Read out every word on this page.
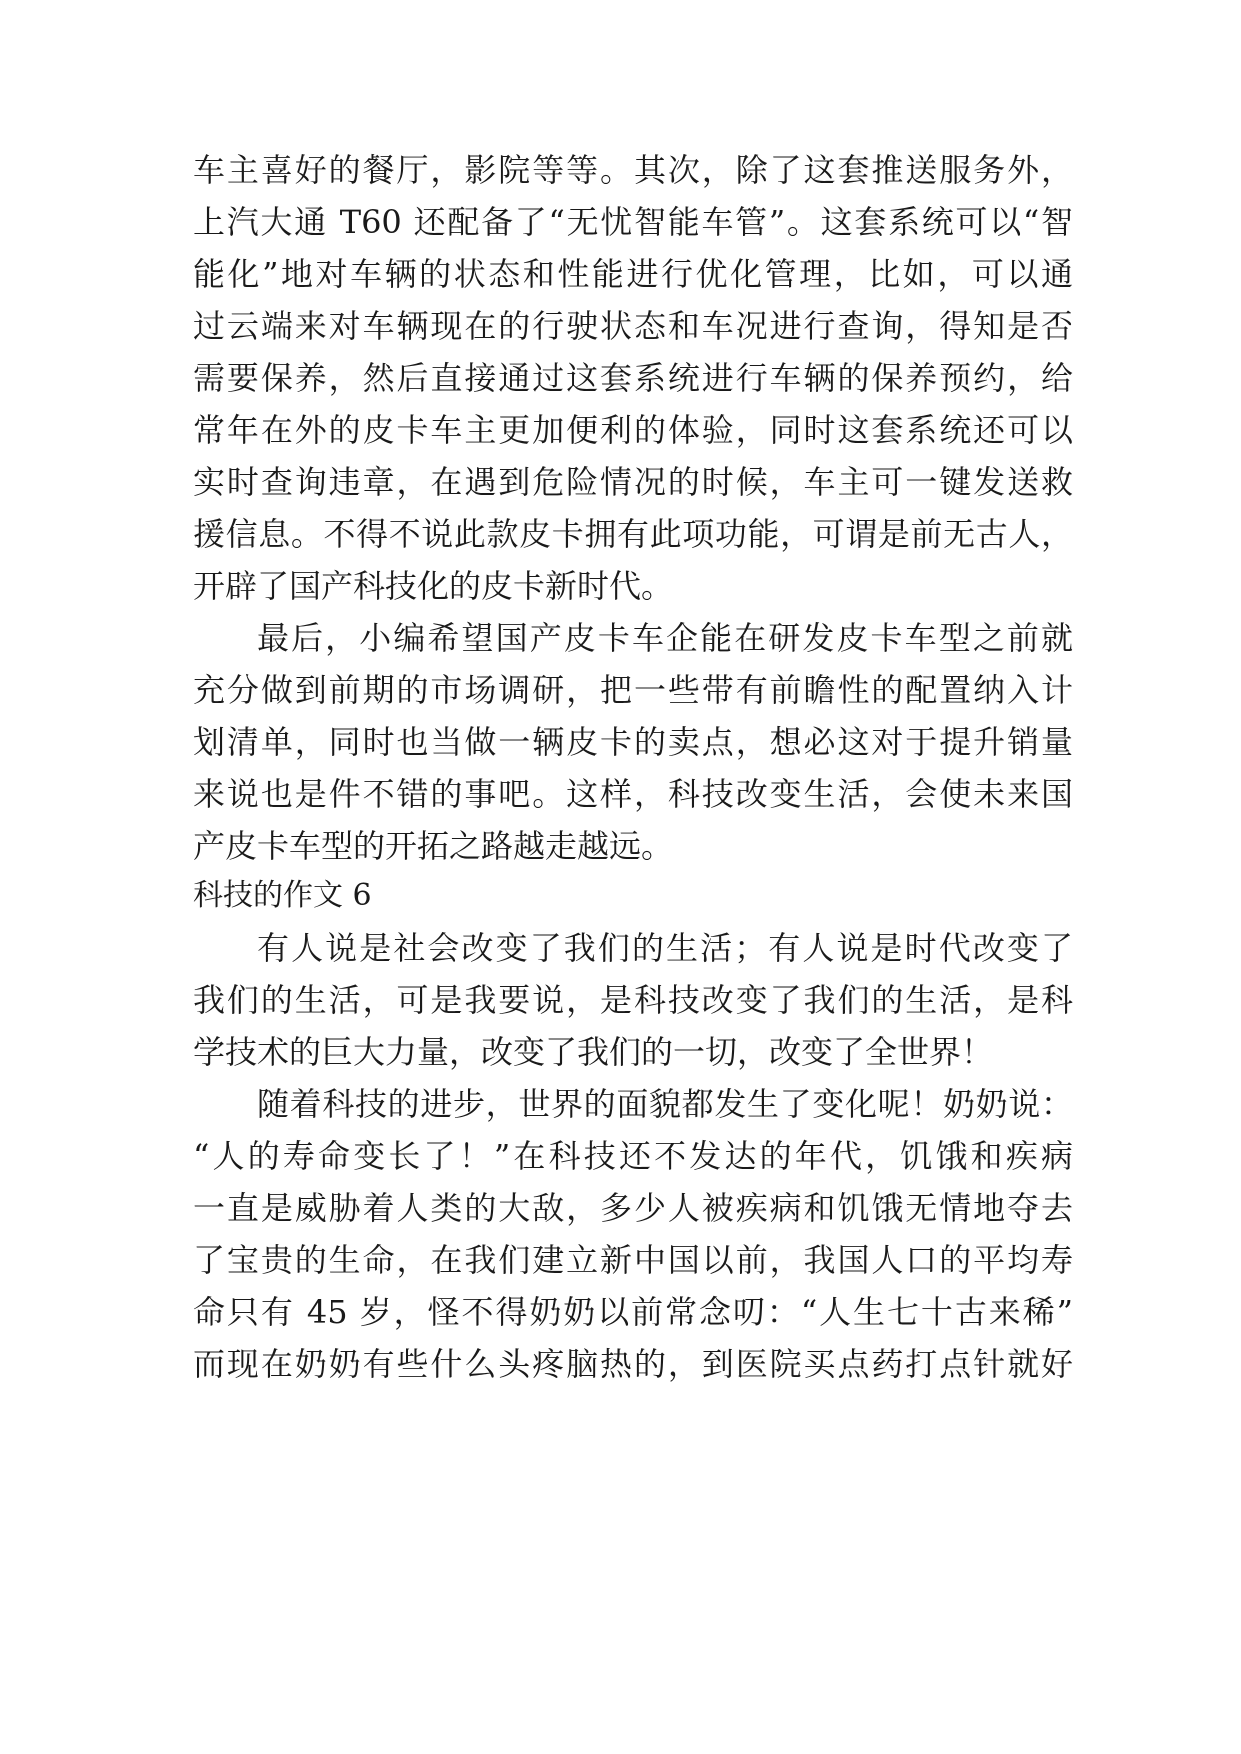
车主喜好的餐厅，影院等等。其次，除了这套推送服务外，
上汽大通 T60 还配备了“无忧智能车管”。这套系统可以“智
能化”地对车辆的状态和性能进行优化管理，比如，可以通
过云端来对车辆现在的行驶状态和车况进行查询，得知是否
需要保养，然后直接通过这套系统进行车辆的保养预约，给
常年在外的皮卡车主更加便利的体验，同时这套系统还可以
实时查询违章，在遇到危险情况的时候，车主可一键发送救
援信息。不得不说此款皮卡拥有此项功能，可谓是前无古人，
开辟了国产科技化的皮卡新时代。
最后，小编希望国产皮卡车企能在研发皮卡车型之前就
充分做到前期的市场调研，把一些带有前瞻性的配置纳入计
划清单，同时也当做一辆皮卡的卖点，想必这对于提升销量
来说也是件不错的事吧。这样，科技改变生活，会使未来国
产皮卡车型的开拓之路越走越远。
科技的作文 6
有人说是社会改变了我们的生活；有人说是时代改变了
我们的生活，可是我要说，是科技改变了我们的生活，是科
学技术的巨大力量，改变了我们的一切，改变了全世界！
随着科技的进步，世界的面貌都发生了变化呢！奶奶说：
“人的寿命变长了！”在科技还不发达的年代，饥饿和疾病
一直是威胁着人类的大敌，多少人被疾病和饥饿无情地夺去
了宝贵的生命，在我们建立新中国以前，我国人口的平均寿
命只有 45 岁，怪不得奶奶以前常念叨：“人生七十古来稀”
而现在奶奶有些什么头疼脑热的，到医院买点药打点针就好
